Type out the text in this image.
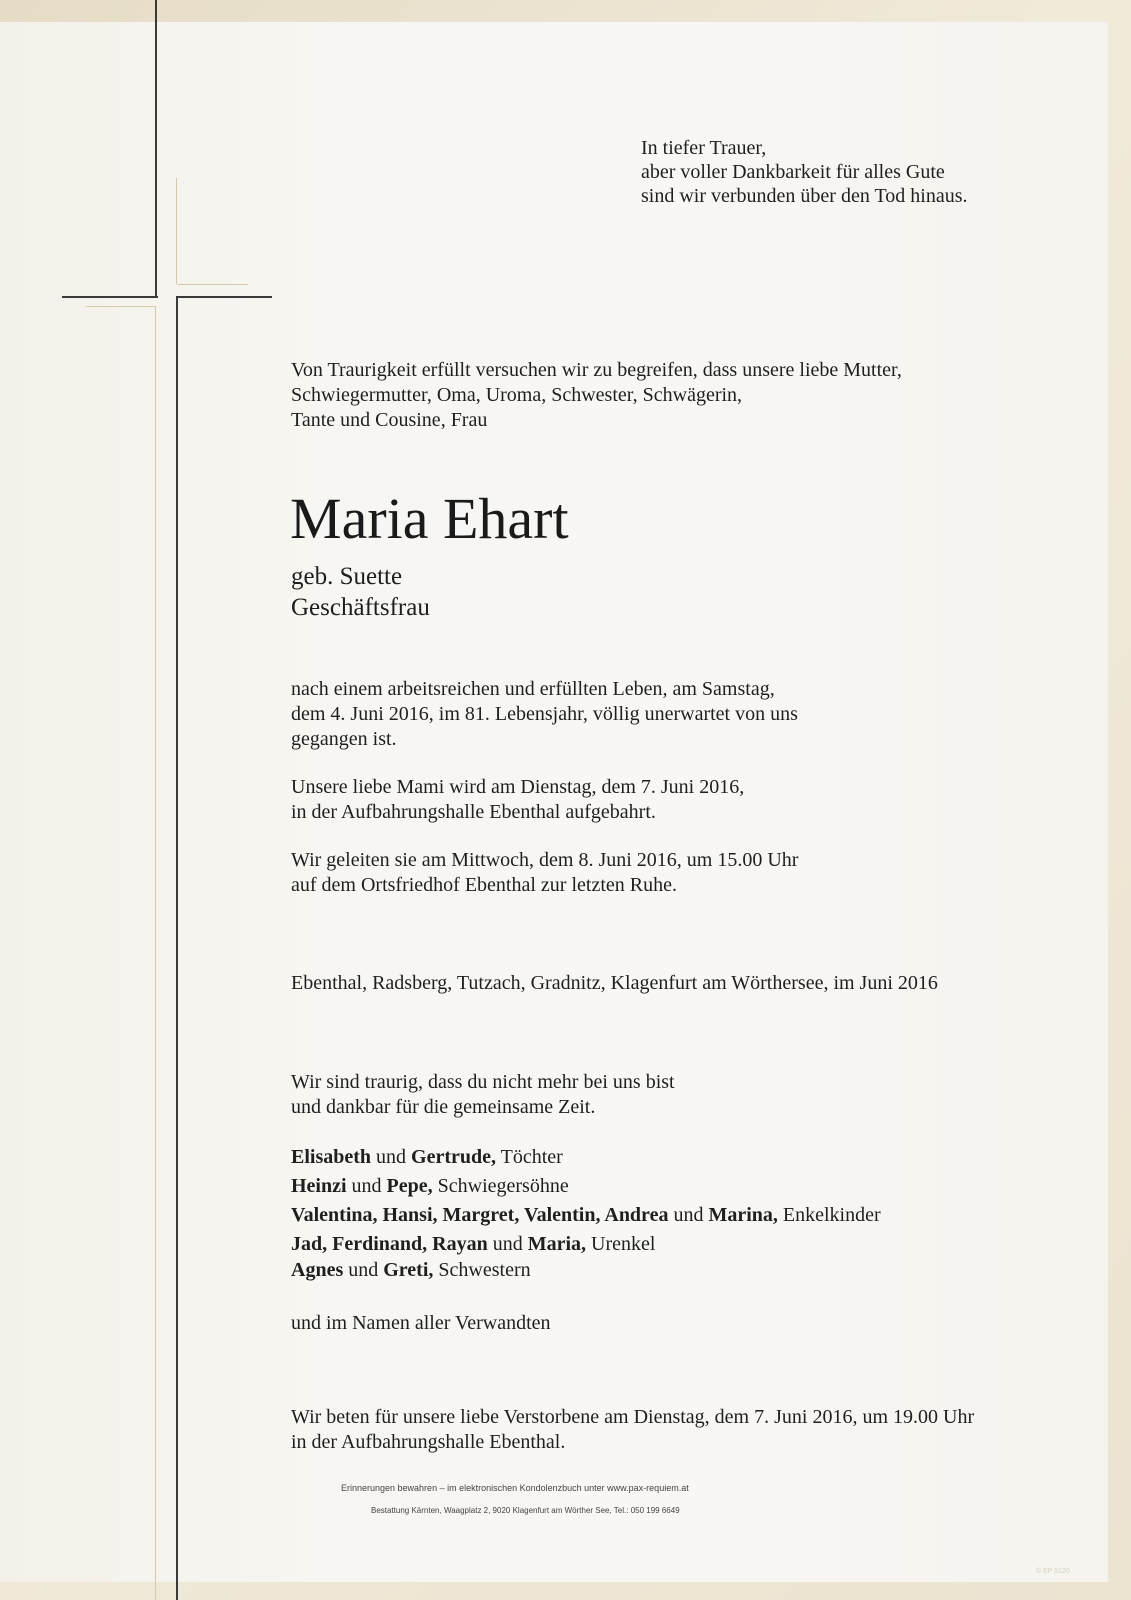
In tiefer Trauer,
aber voller Dankbarkeit für alles Gute
sind wir verbunden über den Tod hinaus.
Von Traurigkeit erfüllt versuchen wir zu begreifen, dass unsere liebe Mutter,
Schwiegermutter, Oma, Uroma, Schwester, Schwägerin,
Tante und Cousine, Frau
Maria Ehart
geb. Suette
Geschäftsfrau
nach einem arbeitsreichen und erfüllten Leben, am Samstag,
dem 4. Juni 2016, im 81. Lebensjahr, völlig unerwartet von uns
gegangen ist.
Unsere liebe Mami wird am Dienstag, dem 7. Juni 2016,
in der Aufbahrungshalle Ebenthal aufgebahrt.
Wir geleiten sie am Mittwoch, dem 8. Juni 2016, um 15.00 Uhr
auf dem Ortsfriedhof Ebenthal zur letzten Ruhe.
Ebenthal, Radsberg, Tutzach, Gradnitz, Klagenfurt am Wörthersee, im Juni 2016
Wir sind traurig, dass du nicht mehr bei uns bist
und dankbar für die gemeinsame Zeit.
Elisabeth und Gertrude, Töchter
Heinzi und Pepe, Schwiegersöhne
Valentina, Hansi, Margret, Valentin, Andrea und Marina, Enkelkinder
Jad, Ferdinand, Rayan und Maria, Urenkel
Agnes und Greti, Schwestern
und im Namen aller Verwandten
Wir beten für unsere liebe Verstorbene am Dienstag, dem 7. Juni 2016, um 19.00 Uhr
in der Aufbahrungshalle Ebenthal.
Erinnerungen bewahren – im elektronischen Kondolenzbuch unter www.pax-requiem.at
Bestattung Kärnten, Waagplatz 2, 9020 Klagenfurt am Wörther See, Tel.: 050 199 6649
© EP 5120
